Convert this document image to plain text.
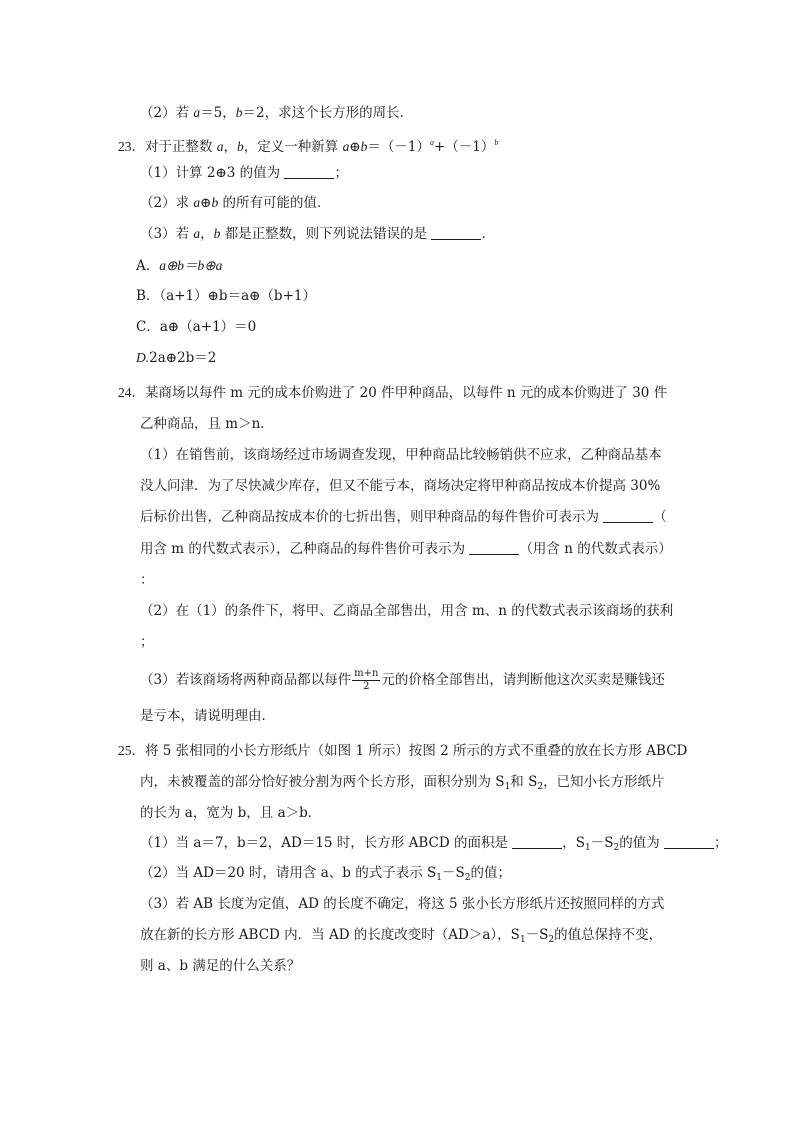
（2）若 a＝5，b＝2，求这个长方形的周长．
23．对于正整数 a，b，定义一种新算 $a\oplus b=(-1)^a+(-1)^b$
（1）计算 2⊕3 的值为	；
（2）求 a⊕b 的所有可能的值．
（3）若 a，b 都是正整数，则下列说法错误的是	．
A．a⊕b＝b⊕a
B．（a+1）⊕b＝a⊕（b+1）
C．a⊕（a+1）＝0
D.2a⊕2b＝2
24．某商场以每件 m 元的成本价购进了 20 件甲种商品，以每件 n 元的成本价购进了 30 件
乙种商品，且 m＞n．
（1）在销售前，该商场经过市场调查发现，甲种商品比较畅销供不应求，乙种商品基本
没人问津．为了尽快减少库存，但又不能亏本，商场决定将甲种商品按成本价提高 30%
后标价出售，乙种商品按成本价的七折出售，则甲种商品的每件售价可表示为	（
用含 m 的代数式表示），乙种商品的每件售价可表示为	（用含 n 的代数式表示）
：
（2）在（1）的条件下，将甲、乙商品全部售出，用含 m、n 的代数式表示该商场的获利
；
（3）若该商场将两种商品都以每件 $\frac{m+n}{2}$ 元的价格全部售出，请判断他这次买卖是赚钱还
是亏本，请说明理由．
25．将 5 张相同的小长方形纸片（如图 1 所示）按图 2 所示的方式不重叠的放在长方形 ABCD
内，未被覆盖的部分恰好被分割为两个长方形，面积分别为 $S_1$和 $S_2$，已知小长方形纸片
的长为 a，宽为 b，且 a＞b．
（1）当 a＝7，b＝2，AD＝15 时，长方形 ABCD 的面积是	，$S_1-S_2$的值为	；
（2）当 AD＝20 时，请用含 a、b 的式子表示 $S_1-S_2$的值；
（3）若 AB 长度为定值，AD 的长度不确定，将这 5 张小长方形纸片还按照同样的方式
放在新的长方形 ABCD 内．当 AD 的长度改变时（AD＞a），$S_1-S_2$的值总保持不变，
则 a、b 满足的什么关系？
